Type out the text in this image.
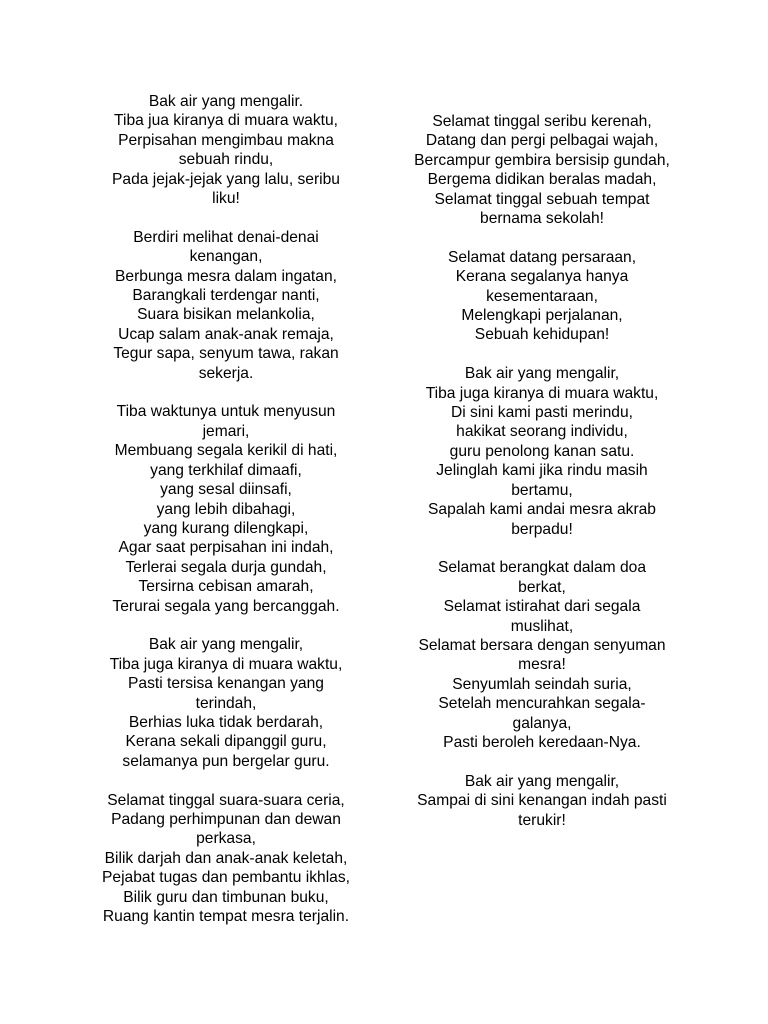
Bak air yang mengalir.
Tiba jua kiranya di muara waktu,
Perpisahan mengimbau makna
sebuah rindu,
Pada jejak-jejak yang lalu, seribu
liku!
Berdiri melihat denai-denai
kenangan,
Berbunga mesra dalam ingatan,
Barangkali terdengar nanti,
Suara bisikan melankolia,
Ucap salam anak-anak remaja,
Tegur sapa, senyum tawa, rakan
sekerja.
Tiba waktunya untuk menyusun
jemari,
Membuang segala kerikil di hati,
yang terkhilaf dimaafi,
yang sesal diinsafi,
yang lebih dibahagi,
yang kurang dilengkapi,
Agar saat perpisahan ini indah,
Terlerai segala durja gundah,
Tersirna cebisan amarah,
Terurai segala yang bercanggah.
Bak air yang mengalir,
Tiba juga kiranya di muara waktu,
Pasti tersisa kenangan yang
terindah,
Berhias luka tidak berdarah,
Kerana sekali dipanggil guru,
selamanya pun bergelar guru.
Selamat tinggal suara-suara ceria,
Padang perhimpunan dan dewan
perkasa,
Bilik darjah dan anak-anak keletah,
Pejabat tugas dan pembantu ikhlas,
Bilik guru dan timbunan buku,
Ruang kantin tempat mesra terjalin.
Selamat tinggal seribu kerenah,
Datang dan pergi pelbagai wajah,
Bercampur gembira bersisip gundah,
Bergema didikan beralas madah,
Selamat tinggal sebuah tempat
bernama sekolah!
Selamat datang persaraan,
Kerana segalanya hanya
kesementaraan,
Melengkapi perjalanan,
Sebuah kehidupan!
Bak air yang mengalir,
Tiba juga kiranya di muara waktu,
Di sini kami pasti merindu,
hakikat seorang individu,
guru penolong kanan satu.
Jelinglah kami jika rindu masih
bertamu,
Sapalah kami andai mesra akrab
berpadu!
Selamat berangkat dalam doa
berkat,
Selamat istirahat dari segala
muslihat,
Selamat bersara dengan senyuman
mesra!
Senyumlah seindah suria,
Setelah mencurahkan segala-
galanya,
Pasti beroleh keredaan-Nya.
Bak air yang mengalir,
Sampai di sini kenangan indah pasti
terukir!
